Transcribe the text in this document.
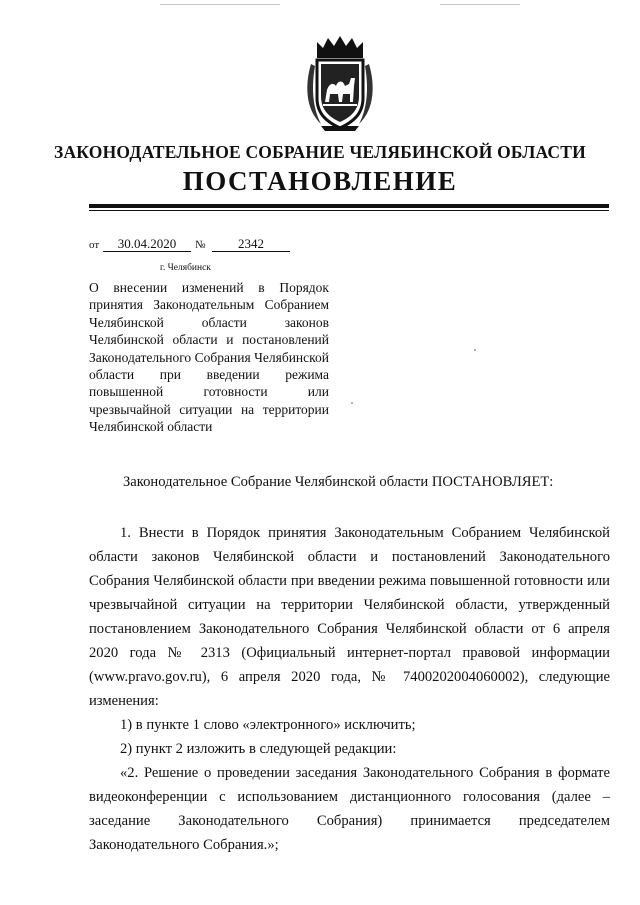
ЗАКОНОДАТЕЛЬНОЕ СОБРАНИЕ ЧЕЛЯБИНСКОЙ ОБЛАСТИ
ПОСТАНОВЛЕНИЕ
от	30.04.2020	№	2342
г. Челябинск
О внесении изменений в Порядок принятия Законодательным Собранием Челябинской области законов Челябинской области и постановлений Законодательного Собрания Челябинской области при введении режима повышенной готовности или чрезвычайной ситуации на территории Челябинской области

Законодательное Собрание Челябинской области ПОСТАНОВЛЯЕТ:

1. Внести в Порядок принятия Законодательным Собранием Челябинской области законов Челябинской области и постановлений Законодательного Собрания Челябинской области при введении режима повышенной готовности или чрезвычайной ситуации на территории Челябинской области, утвержденный постановлением Законодательного Собрания Челябинской области от 6 апреля 2020 года № 2313 (Официальный интернет-портал правовой информации (www.pravo.gov.ru), 6 апреля 2020 года, № 7400202004060002), следующие изменения:

1) в пункте 1 слово «электронного» исключить;

2) пункт 2 изложить в следующей редакции:

«2. Решение о проведении заседания Законодательного Собрания в формате видеоконференции с использованием дистанционного голосования (далее – заседание Законодательного Собрания) принимается председателем Законодательного Собрания.»;
